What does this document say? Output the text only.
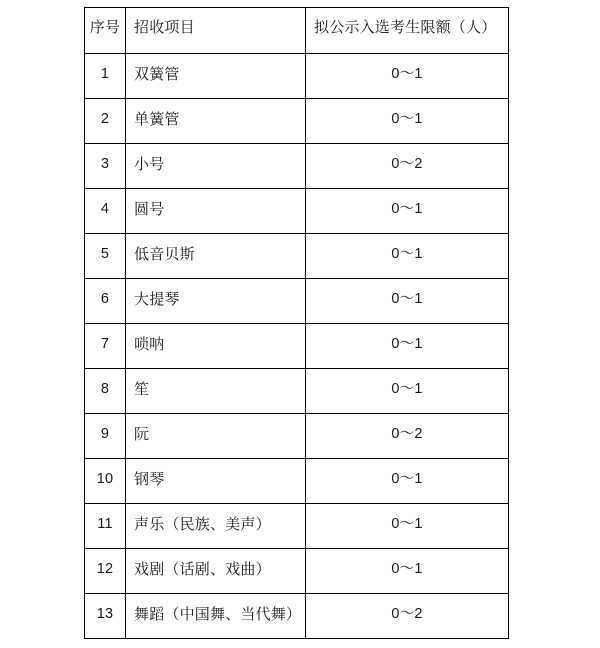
序号	招收项目	拟公示入选考生限额（人）

1	双簧管	0～1

2	单簧管	0～1

3	小号	0～2

4	圆号	0～1

5	低音贝斯	0～1

6	大提琴	0～1

7	唢呐	0～1

8	笙	0～1

9	阮	0～2

10	钢琴	0～1

11	声乐（民族、美声）	0～1

12	戏剧（话剧、戏曲）	0～1

13	舞蹈（中国舞、当代舞）	0～2
